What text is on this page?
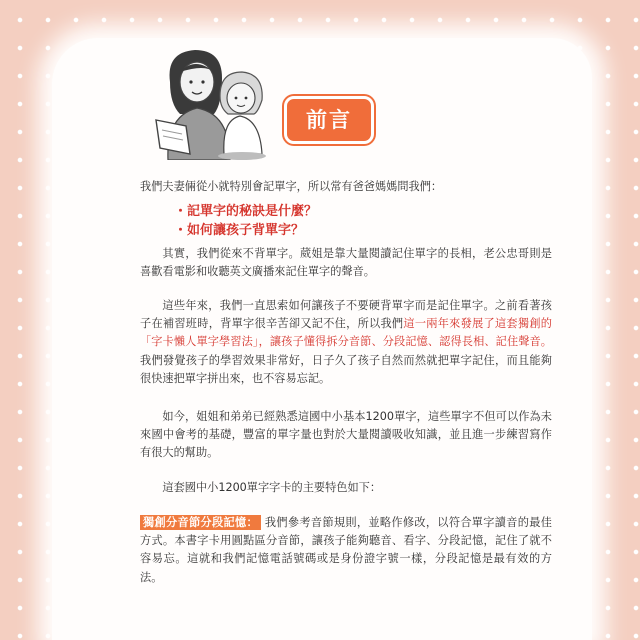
前言

我們夫妻倆從小就特別會記單字，所以常有爸爸媽媽問我們：

・記單字的秘訣是什麼？

・如何讓孩子背單字？

其實，我們從來不背單字。葳姐是靠大量閱讀記住單字的長相，老公忠哥則是喜歡看電影和收聽英文廣播來記住單字的聲音。

這些年來，我們一直思索如何讓孩子不要硬背單字而是記住單字。之前看著孩子在補習班時，背單字很辛苦卻又記不住，所以我們這一兩年來發展了這套獨創的「字卡懶人單字學習法」，讓孩子懂得拆分音節、分段記憶、認得長相、記住聲音。我們發覺孩子的學習效果非常好，日子久了孩子自然而然就把單字記住，而且能夠很快速把單字拼出來，也不容易忘記。

如今，姐姐和弟弟已經熟悉這國中小基本1200單字，這些單字不但可以作為未來國中會考的基礎，豐富的單字量也對於大量閱讀吸收知識，並且進一步練習寫作有很大的幫助。

這套國中小1200單字字卡的主要特色如下：

獨創分音節分段記憶： 我們參考音節規則，並略作修改，以符合單字讀音的最佳方式。本書字卡用圓點區分音節，讓孩子能夠聽音、看字、分段記憶，記住了就不容易忘。這就和我們記憶電話號碼或是身份證字號一樣，分段記憶是最有效的方法。
